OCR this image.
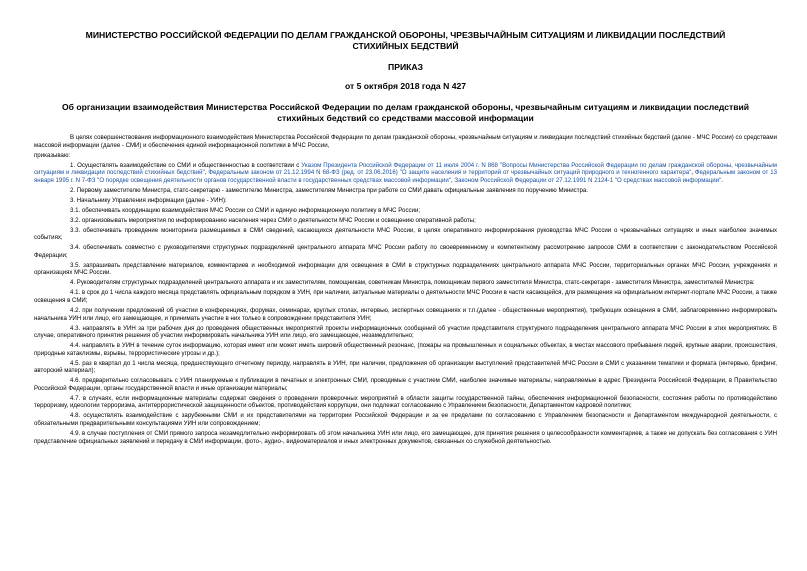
МИНИСТЕРСТВО РОССИЙСКОЙ ФЕДЕРАЦИИ ПО ДЕЛАМ ГРАЖДАНСКОЙ ОБОРОНЫ, ЧРЕЗВЫЧАЙНЫМ СИТУАЦИЯМ И ЛИКВИДАЦИИ ПОСЛЕДСТВИЙ СТИХИЙНЫХ БЕДСТВИЙ
ПРИКАЗ
от 5 октября 2018 года N 427
Об организации взаимодействия Министерства Российской Федерации по делам гражданской обороны, чрезвычайным ситуациям и ликвидации последствий стихийных бедствий со средствами массовой информации

В целях совершенствования информационного взаимодействия Министерства Российской Федерации по делам гражданской обороны, чрезвычайным ситуациям и ликвидации последствий стихийных бедствий (далее - МЧС России) со средствами массовой информации (далее - СМИ) и обеспечения единой информационной политики в МЧС России,

приказываю:

1. Осуществлять взаимодействие со СМИ и общественностью в соответствии с Указом Президента Российской Федерации от 11 июля 2004 г. N 868 "Вопросы Министерства Российской Федерации по делам гражданской обороны, чрезвычайным ситуациям и ликвидации последствий стихийных бедствий", Федеральным законом от 21.12.1994 N 68-ФЗ (ред. от 23.06.2016) "О защите населения и территорий от чрезвычайных ситуаций природного и техногенного характера", Федеральным законом от 13 января 1995 г. N 7-ФЗ "О порядке освещения деятельности органов государственной власти в государственных средствах массовой информации", Законом Российской Федерации от 27.12.1991 N 2124-1 "О средствах массовой информации".

2. Первому заместителю Министра, статс-секретарю - заместителю Министра, заместителям Министра при работе со СМИ давать официальные заявления по поручению Министра.

3. Начальнику Управления информации (далее - УИН):

3.1. обеспечивать координацию взаимодействия МЧС России со СМИ и единую информационную политику в МЧС России;

3.2. организовывать мероприятия по информированию населения через СМИ о деятельности МЧС России и освещению оперативной работы;

3.3. обеспечивать проведение мониторинга размещаемых в СМИ сведений, касающихся деятельности МЧС России, в целях оперативного информирования руководства МЧС России о чрезвычайных ситуациях и иных наиболее значимых событиях;

3.4. обеспечивать совместно с руководителями структурных подразделений центрального аппарата МЧС России работу по своевременному и компетентному рассмотрению запросов СМИ в соответствии с законодательством Российской Федерации;

3.5. запрашивать представление материалов, комментариев и необходимой информации для освещения в СМИ в структурных подразделениях центрального аппарата МЧС России, территориальных органах МЧС России, учреждениях и организациях МЧС России.

4. Руководителям структурных подразделений центрального аппарата и их заместителям, помощникам, советникам Министра, помощникам первого заместителя Министра, статс-секретаря - заместителя Министра, заместителей Министра:

4.1. в срок до 1 числа каждого месяца представлять официальным порядком в УИН, при наличии, актуальные материалы о деятельности МЧС России в части касающейся, для размещения на официальном интернет-портале МЧС России, а также освещения в СМИ;

4.2. при получении предложений об участии в конференциях, форумах, семинарах, круглых столах, интервью, экспертных совещаниях и т.п.(далее - общественные мероприятия), требующих освещения в СМИ, заблаговременно информировать начальника УИН или лицо, его замещающее, и принимать участие в них только в сопровождении представителя УИН;

4.3. направлять в УИН за три рабочих дня до проведения общественных мероприятий проекты информационных сообщений об участии представителя структурного подразделения центрального аппарата МЧС России в этих мероприятиях. В случае, оперативного принятия решения об участии информировать начальника УИН или лицо, его замещающее, незамедлительно;

4.4. направлять в УИН в течение суток информацию, которая имеет или может иметь широкий общественный резонанс, (пожары на промышленных и социальных объектах, в местах массового пребывания людей, крупные аварии, происшествия, природные катаклизмы, взрывы, террористические угрозы и др.);

4.5. раз в квартал до 1 числа месяца, предшествующего отчетному периоду, направлять в УИН, при наличии, предложения об организации выступлений представителей МЧС России в СМИ с указанием тематики и формата (интервью, брифинг, авторский материал);

4.6. предварительно согласовывать с УИН планируемые к публикации в печатных и электронных СМИ, проводимые с участием СМИ, наиболее значимые материалы, направляемые в адрес Президента Российской Федерации, в Правительство Российской Федерации, органы государственной власти и иные организации материалы;

4.7. в случаях, если информационные материалы содержат сведения о проведении проверочных мероприятий в области защиты государственной тайны, обеспечения информационной безопасности, состояния работы по противодействию терроризму, идеологии терроризма, антитеррористической защищенности объектов, противодействия коррупции, они подлежат согласованию с Управлением безопасности, Департаментом кадровой политики;

4.8. осуществлять взаимодействие с зарубежными СМИ и их представителями на территории Российской Федерации и за ее пределами по согласованию с Управлением безопасности и Департаментом международной деятельности, с обязательными предварительными консультациями УИН или сопровождением;

4.9. в случае поступления от СМИ прямого запроса незамедлительно информировать об этом начальника УИН или лицо, его замещающее, для принятия решения о целесообразности комментариев, а также не допускать без согласования с УИН представление официальных заявлений и передачу в СМИ информации, фото-, аудио-, видеоматериалов и иных электронных документов, связанных со служебной деятельностью.
